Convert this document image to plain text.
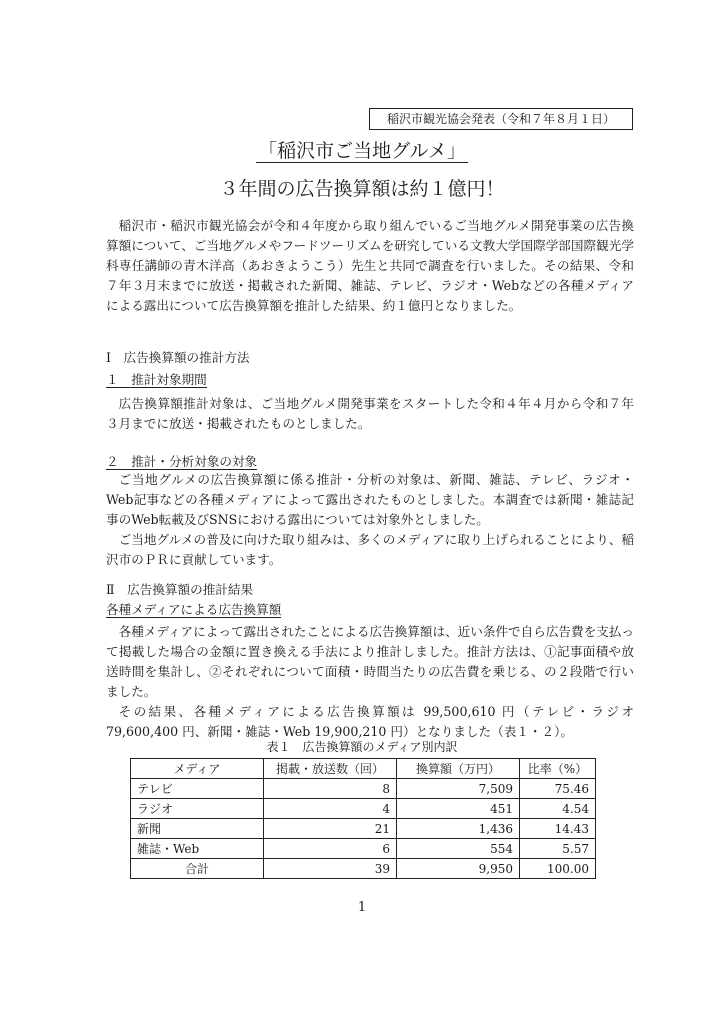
稲沢市観光協会発表（令和７年８月１日）
「稲沢市ご当地グルメ」
３年間の広告換算額は約１億円！

稲沢市・稲沢市観光協会が令和４年度から取り組んでいるご当地グルメ開発事業の広告換算額について、ご当地グルメやフードツーリズムを研究している文教大学国際学部国際観光学科専任講師の青木洋高（あおきようこう）先生と共同で調査を行いました。その結果、令和７年３月末までに放送・掲載された新聞、雑誌、テレビ、ラジオ・Webなどの各種メディアによる露出について広告換算額を推計した結果、約１億円となりました。

Ⅰ　広告換算額の推計方法
１　推計対象期間

広告換算額推計対象は、ご当地グルメ開発事業をスタートした令和４年４月から令和７年３月までに放送・掲載されたものとしました。

２　推計・分析対象の対象

ご当地グルメの広告換算額に係る推計・分析の対象は、新聞、雑誌、テレビ、ラジオ・Web記事などの各種メディアによって露出されたものとしました。本調査では新聞・雑誌記事のWeb転載及びSNSにおける露出については対象外としました。

ご当地グルメの普及に向けた取り組みは、多くのメディアに取り上げられることにより、稲沢市のＰＲに貢献しています。

Ⅱ　広告換算額の推計結果
各種メディアによる広告換算額

各種メディアによって露出されたことによる広告換算額は、近い条件で自ら広告費を支払って掲載した場合の金額に置き換える手法により推計しました。推計方法は、①記事面積や放送時間を集計し、②それぞれについて面積・時間当たりの広告費を乗じる、の２段階で行いました。

その結果、各種メディアによる広告換算額は 99,500,610 円（テレビ・ラジオ 79,600,400 円、新聞・雑誌・Web 19,900,210 円）となりました（表１・２）。

表１　広告換算額のメディア別内訳
メディア	掲載・放送数（回）	換算額（万円）	比率（%）
テレビ	8	7,509	75.46
ラジオ	4	451	4.54
新聞	21	1,436	14.43
雑誌・Web	6	554	5.57
合計	39	9,950	100.00
1
